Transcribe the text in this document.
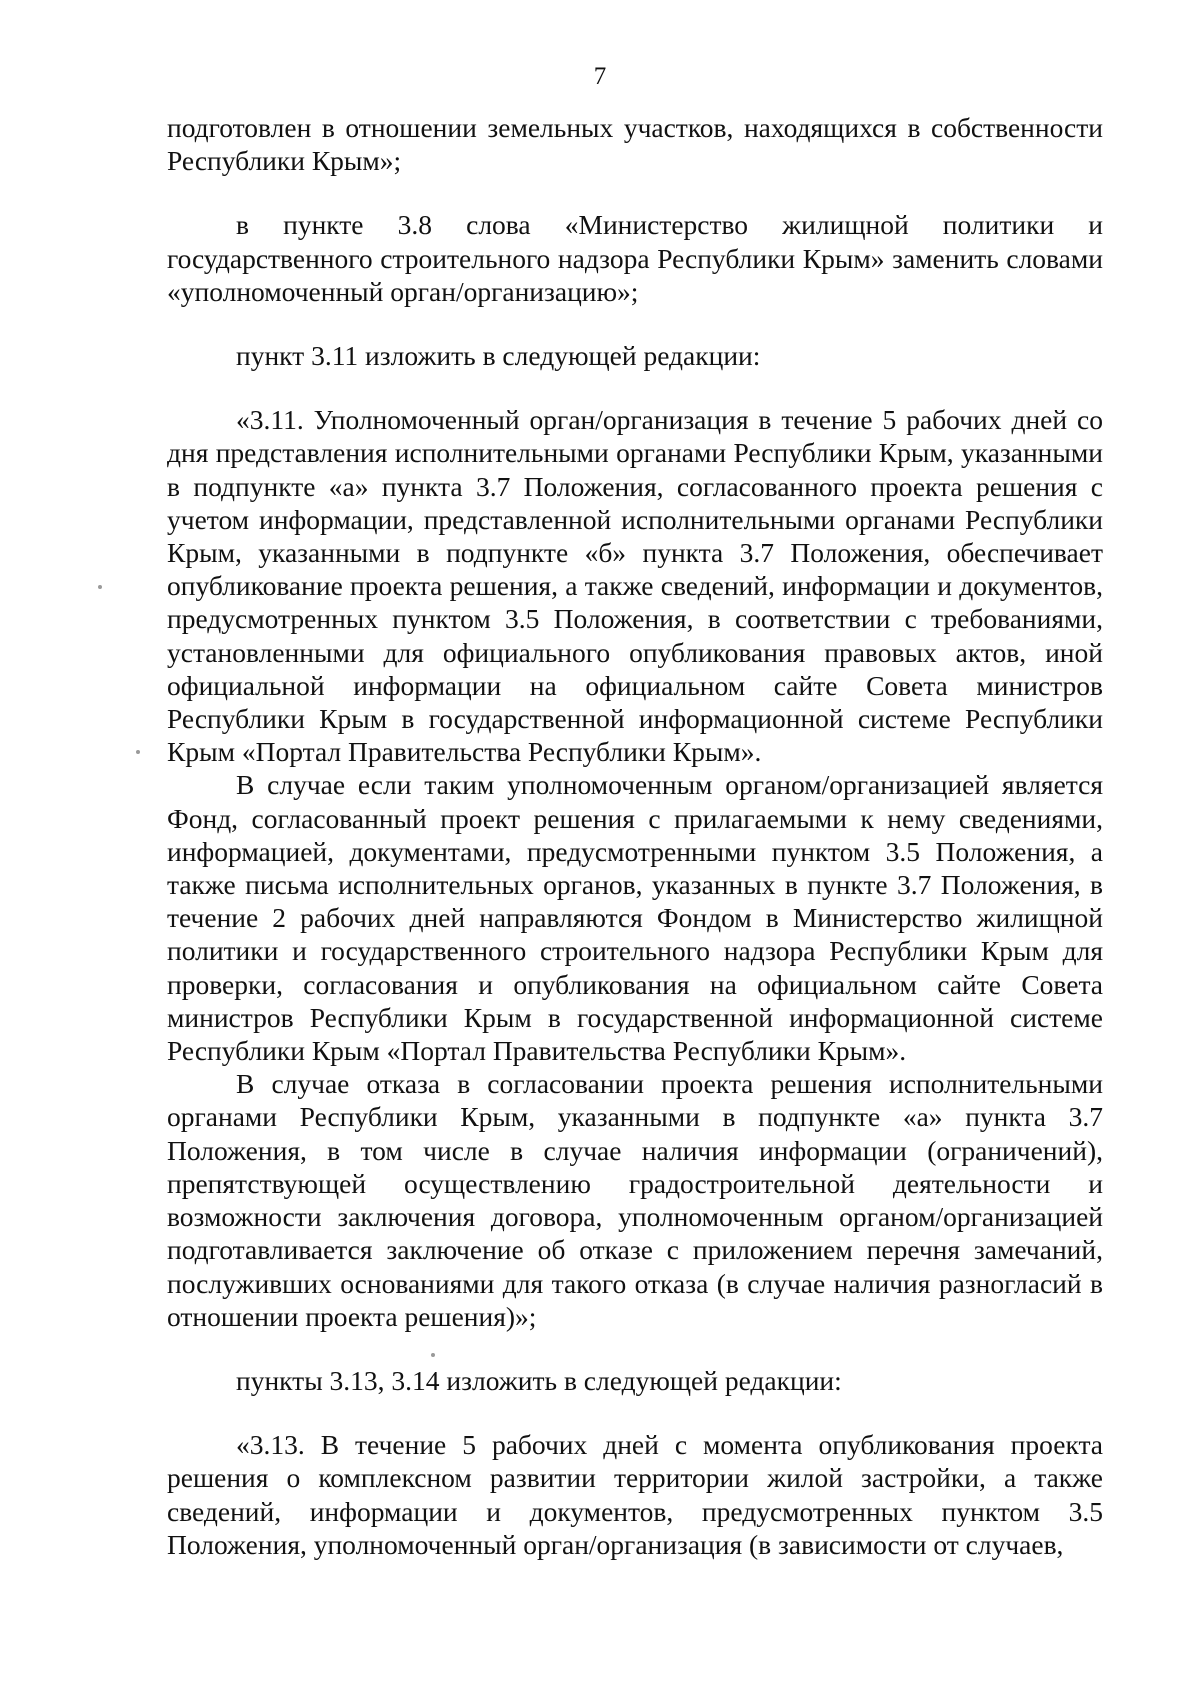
7

подготовлен в отношении земельных участков, находящихся в собственности Республики Крым»;

в пункте 3.8 слова «Министерство жилищной политики и государственного строительного надзора Республики Крым» заменить словами «уполномоченный орган/организацию»;

пункт 3.11 изложить в следующей редакции:

«3.11. Уполномоченный орган/организация в течение 5 рабочих дней со дня представления исполнительными органами Республики Крым, указанными в подпункте «а» пункта 3.7 Положения, согласованного проекта решения с учетом информации, представленной исполнительными органами Республики Крым, указанными в подпункте «б» пункта 3.7 Положения, обеспечивает опубликование проекта решения, а также сведений, информации и документов, предусмотренных пунктом 3.5 Положения, в соответствии с требованиями, установленными для официального опубликования правовых актов, иной официальной информации на официальном сайте Совета министров Республики Крым в государственной информационной системе Республики Крым «Портал Правительства Республики Крым».

В случае если таким уполномоченным органом/организацией является Фонд, согласованный проект решения с прилагаемыми к нему сведениями, информацией, документами, предусмотренными пунктом 3.5 Положения, а также письма исполнительных органов, указанных в пункте 3.7 Положения, в течение 2 рабочих дней направляются Фондом в Министерство жилищной политики и государственного строительного надзора Республики Крым для проверки, согласования и опубликования на официальном сайте Совета министров Республики Крым в государственной информационной системе Республики Крым «Портал Правительства Республики Крым».

В случае отказа в согласовании проекта решения исполнительными органами Республики Крым, указанными в подпункте «а» пункта 3.7 Положения, в том числе в случае наличия информации (ограничений), препятствующей осуществлению градостроительной деятельности и возможности заключения договора, уполномоченным органом/организацией подготавливается заключение об отказе с приложением перечня замечаний, послуживших основаниями для такого отказа (в случае наличия разногласий в отношении проекта решения)»;

пункты 3.13, 3.14 изложить в следующей редакции:

«3.13. В течение 5 рабочих дней с момента опубликования проекта решения о комплексном развитии территории жилой застройки, а также сведений, информации и документов, предусмотренных пунктом 3.5 Положения, уполномоченный орган/организация (в зависимости от случаев,
